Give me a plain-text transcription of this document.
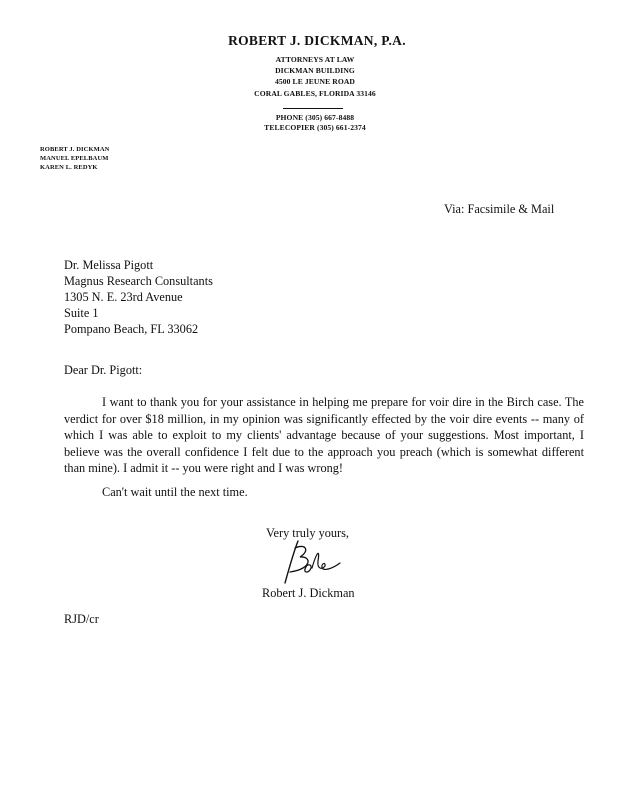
ROBERT J. DICKMAN, P.A.
ATTORNEYS AT LAW
DICKMAN BUILDING
4500 LE JEUNE ROAD
CORAL GABLES, FLORIDA 33146
PHONE (305) 667-8488
TELECOPIER (305) 661-2374
ROBERT J. DICKMAN
MANUEL EPELBAUM
KAREN L. REDYK
Via: Facsimile & Mail
Dr. Melissa Pigott
Magnus Research Consultants
1305 N. E. 23rd Avenue
Suite 1
Pompano Beach, FL 33062
Dear Dr. Pigott:
I want to thank you for your assistance in helping me prepare for voir dire in the Birch case. The verdict for over $18 million, in my opinion was significantly effected by the voir dire events -- many of which I was able to exploit to my clients' advantage because of your suggestions. Most important, I believe was the overall confidence I felt due to the approach you preach (which is somewhat different than mine). I admit it -- you were right and I was wrong!
Can't wait until the next time.
Very truly yours,
Robert J. Dickman
RJD/cr
